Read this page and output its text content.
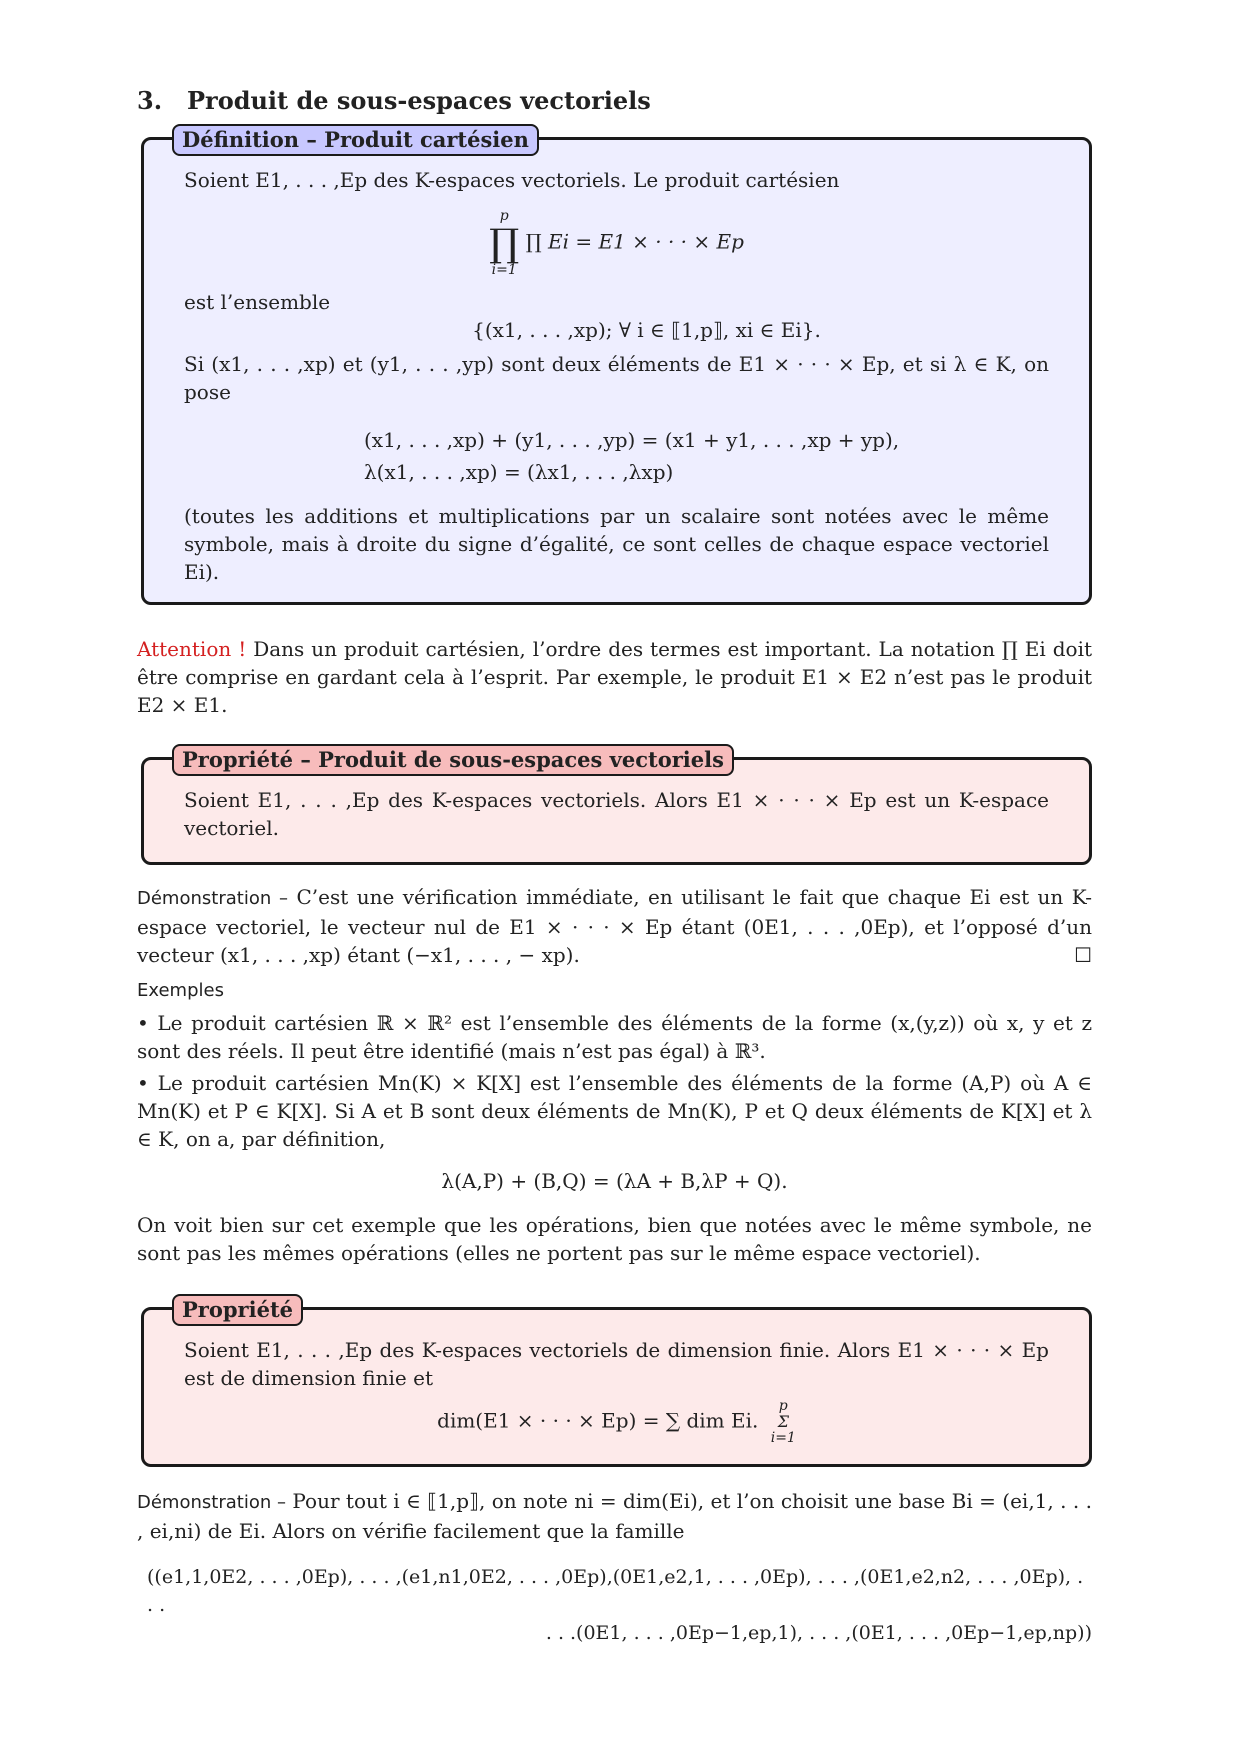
3. Produit de sous-espaces vectoriels
Définition – Produit cartésien

Soient E1, . . . ,Ep des K-espaces vectoriels. Le produit cartésien

p
∏
i=1
∏ Ei = E1 × · · · × Ep

est l’ensemble

{(x1, . . . ,xp); ∀ i ∈ ⟦1,p⟧, xi ∈ Ei}.

Si (x1, . . . ,xp) et (y1, . . . ,yp) sont deux éléments de E1 × · · · × Ep, et si λ ∈ K, on pose

(x1, . . . ,xp) + (y1, . . . ,yp) = (x1 + y1, . . . ,xp + yp),

λ(x1, . . . ,xp) = (λx1, . . . ,λxp)

(toutes les additions et multiplications par un scalaire sont notées avec le même symbole, mais à droite du signe d’égalité, ce sont celles de chaque espace vectoriel Ei).

Attention ! Dans un produit cartésien, l’ordre des termes est important. La notation ∏ Ei doit être comprise en gardant cela à l’esprit. Par exemple, le produit E1 × E2 n’est pas le produit E2 × E1.

Propriété – Produit de sous-espaces vectoriels

Soient E1, . . . ,Ep des K-espaces vectoriels. Alors E1 × · · · × Ep est un K-espace vectoriel.

Démonstration – C’est une vérification immédiate, en utilisant le fait que chaque Ei est un K-espace vectoriel, le vecteur nul de E1 × · · · × Ep étant (0E1, . . . ,0Ep), et l’opposé d’un vecteur (x1, . . . ,xp) étant (−x1, . . . , − xp).	☐

Exemples

• Le produit cartésien ℝ × ℝ² est l’ensemble des éléments de la forme (x,(y,z)) où x, y et z sont des réels. Il peut être identifié (mais n’est pas égal) à ℝ³.

• Le produit cartésien Mn(K) × K[X] est l’ensemble des éléments de la forme (A,P) où A ∈ Mn(K) et P ∈ K[X]. Si A et B sont deux éléments de Mn(K), P et Q deux éléments de K[X] et λ ∈ K, on a, par définition,

λ(A,P) + (B,Q) = (λA + B,λP + Q).

On voit bien sur cet exemple que les opérations, bien que notées avec le même symbole, ne sont pas les mêmes opérations (elles ne portent pas sur le même espace vectoriel).

Propriété

Soient E1, . . . ,Ep des K-espaces vectoriels de dimension finie. Alors E1 × · · · × Ep est de dimension finie et

dim(E1 × · · · × Ep) = ∑ dim Ei.
p
Σ
i=1

Démonstration – Pour tout i ∈ ⟦1,p⟧, on note ni = dim(Ei), et l’on choisit une base Bi = (ei,1, . . . , ei,ni) de Ei. Alors on vérifie facilement que la famille

((e1,1,0E2, . . . ,0Ep), . . . ,(e1,n1,0E2, . . . ,0Ep),(0E1,e2,1, . . . ,0Ep), . . . ,(0E1,e2,n2, . . . ,0Ep), . . .

. . .(0E1, . . . ,0Ep−1,ep,1), . . . ,(0E1, . . . ,0Ep−1,ep,np))
